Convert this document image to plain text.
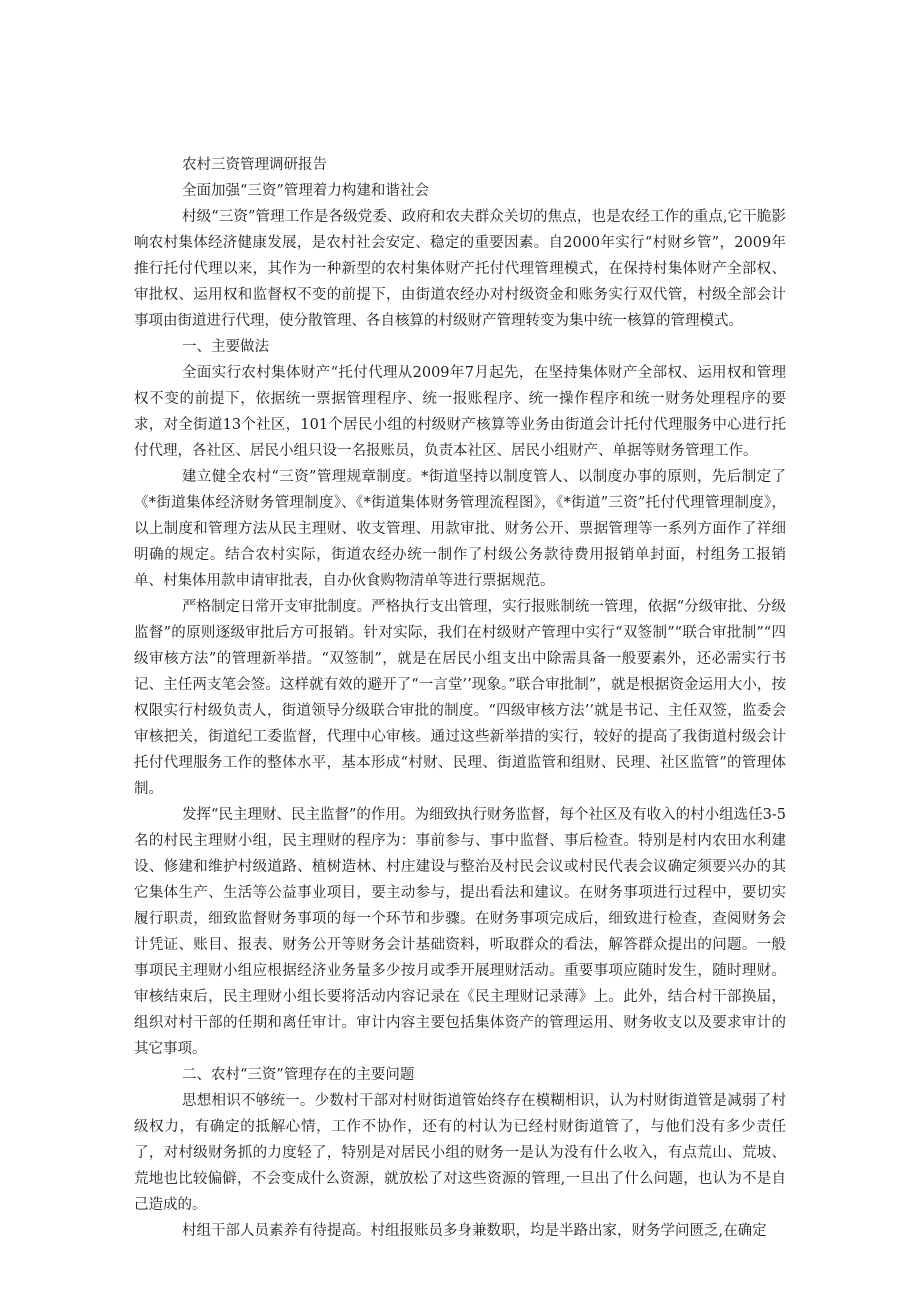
农村三资管理调研报告
全面加强“三资”管理着力构建和谐社会

村级“三资”管理工作是各级党委、政府和农夫群众关切的焦点，也是农经工作的重点,它干脆影响农村集体经济健康发展，是农村社会安定、稳定的重要因素。自2000年实行“村财乡管”，2009年推行托付代理以来，其作为一种新型的农村集体财产托付代理管理模式，在保持村集体财产全部权、审批权、运用权和监督权不变的前提下，由街道农经办对村级资金和账务实行双代管，村级全部会计事项由街道进行代理，使分散管理、各自核算的村级财产管理转变为集中统一核算的管理模式。

一、主要做法

全面实行农村集体财产“托付代理从2009年7月起先，在坚持集体财产全部权、运用权和管理权不变的前提下，依据统一票据管理程序、统一报账程序、统一操作程序和统一财务处理程序的要求，对全街道13个社区，101个居民小组的村级财产核算等业务由街道会计托付代理服务中心进行托付代理，各社区、居民小组只设一名报账员，负责本社区、居民小组财产、单据等财务管理工作。

建立健全农村“三资”管理规章制度。*街道坚持以制度管人、以制度办事的原则，先后制定了《*街道集体经济财务管理制度》、《*街道集体财务管理流程图》，《*街道”三资”托付代理管理制度》，以上制度和管理方法从民主理财、收支管理、用款审批、财务公开、票据管理等一系列方面作了祥细明确的规定。结合农村实际，街道农经办统一制作了村级公务款待费用报销单封面，村组务工报销单、村集体用款申请审批表，自办伙食购物清单等进行票据规范。

严格制定日常开支审批制度。严格执行支出管理，实行报账制统一管理，依据“分级审批、分级监督”的原则逐级审批后方可报销。针对实际，我们在村级财产管理中实行“双签制”“联合审批制”“四级审核方法”的管理新举措。“双签制”，就是在居民小组支出中除需具备一般要素外，还必需实行书记、主任两支笔会签。这样就有效的避开了“一言堂’’现象。”联合审批制”，就是根据资金运用大小，按权限实行村级负责人，街道领导分级联合审批的制度。“四级审核方法’’就是书记、主任双签，监委会审核把关，街道纪工委监督，代理中心审核。通过这些新举措的实行，较好的提高了我街道村级会计托付代理服务工作的整体水平，基本形成“村财、民理、街道监管和组财、民理、社区监管”的管理体制。

发挥“民主理财、民主监督”的作用。为细致执行财务监督，每个社区及有收入的村小组选任3-5名的村民主理财小组，民主理财的程序为：事前参与、事中监督、事后检查。特别是村内农田水利建设、修建和维护村级道路、植树造林、村庄建设与整治及村民会议或村民代表会议确定须要兴办的其它集体生产、生活等公益事业项目，要主动参与，提出看法和建议。在财务事项进行过程中，要切实履行职责，细致监督财务事项的每一个环节和步骤。在财务事项完成后，细致进行检查，查阅财务会计凭证、账目、报表、财务公开等财务会计基础资料，听取群众的看法，解答群众提出的问题。一般事项民主理财小组应根据经济业务量多少按月或季开展理财活动。重要事项应随时发生，随时理财。审核结束后，民主理财小组长要将活动内容记录在《民主理财记录薄》上。此外，结合村干部换届，组织对村干部的任期和离任审计。审计内容主要包括集体资产的管理运用、财务收支以及要求审计的其它事项。

二、农村“三资”管理存在的主要问题

思想相识不够统一。少数村干部对村财街道管始终存在模糊相识，认为村财街道管是减弱了村级权力，有确定的抵解心情，工作不协作，还有的村认为已经村财街道管了，与他们没有多少责任了，对村级财务抓的力度轻了，特别是对居民小组的财务一是认为没有什么收入，有点荒山、荒坡、荒地也比较偏僻，不会变成什么资源，就放松了对这些资源的管理,一旦出了什么问题，也认为不是自己造成的。

村组干部人员素养有待提高。村组报账员多身兼数职，均是半路出家，财务学问匮乏,在确定
